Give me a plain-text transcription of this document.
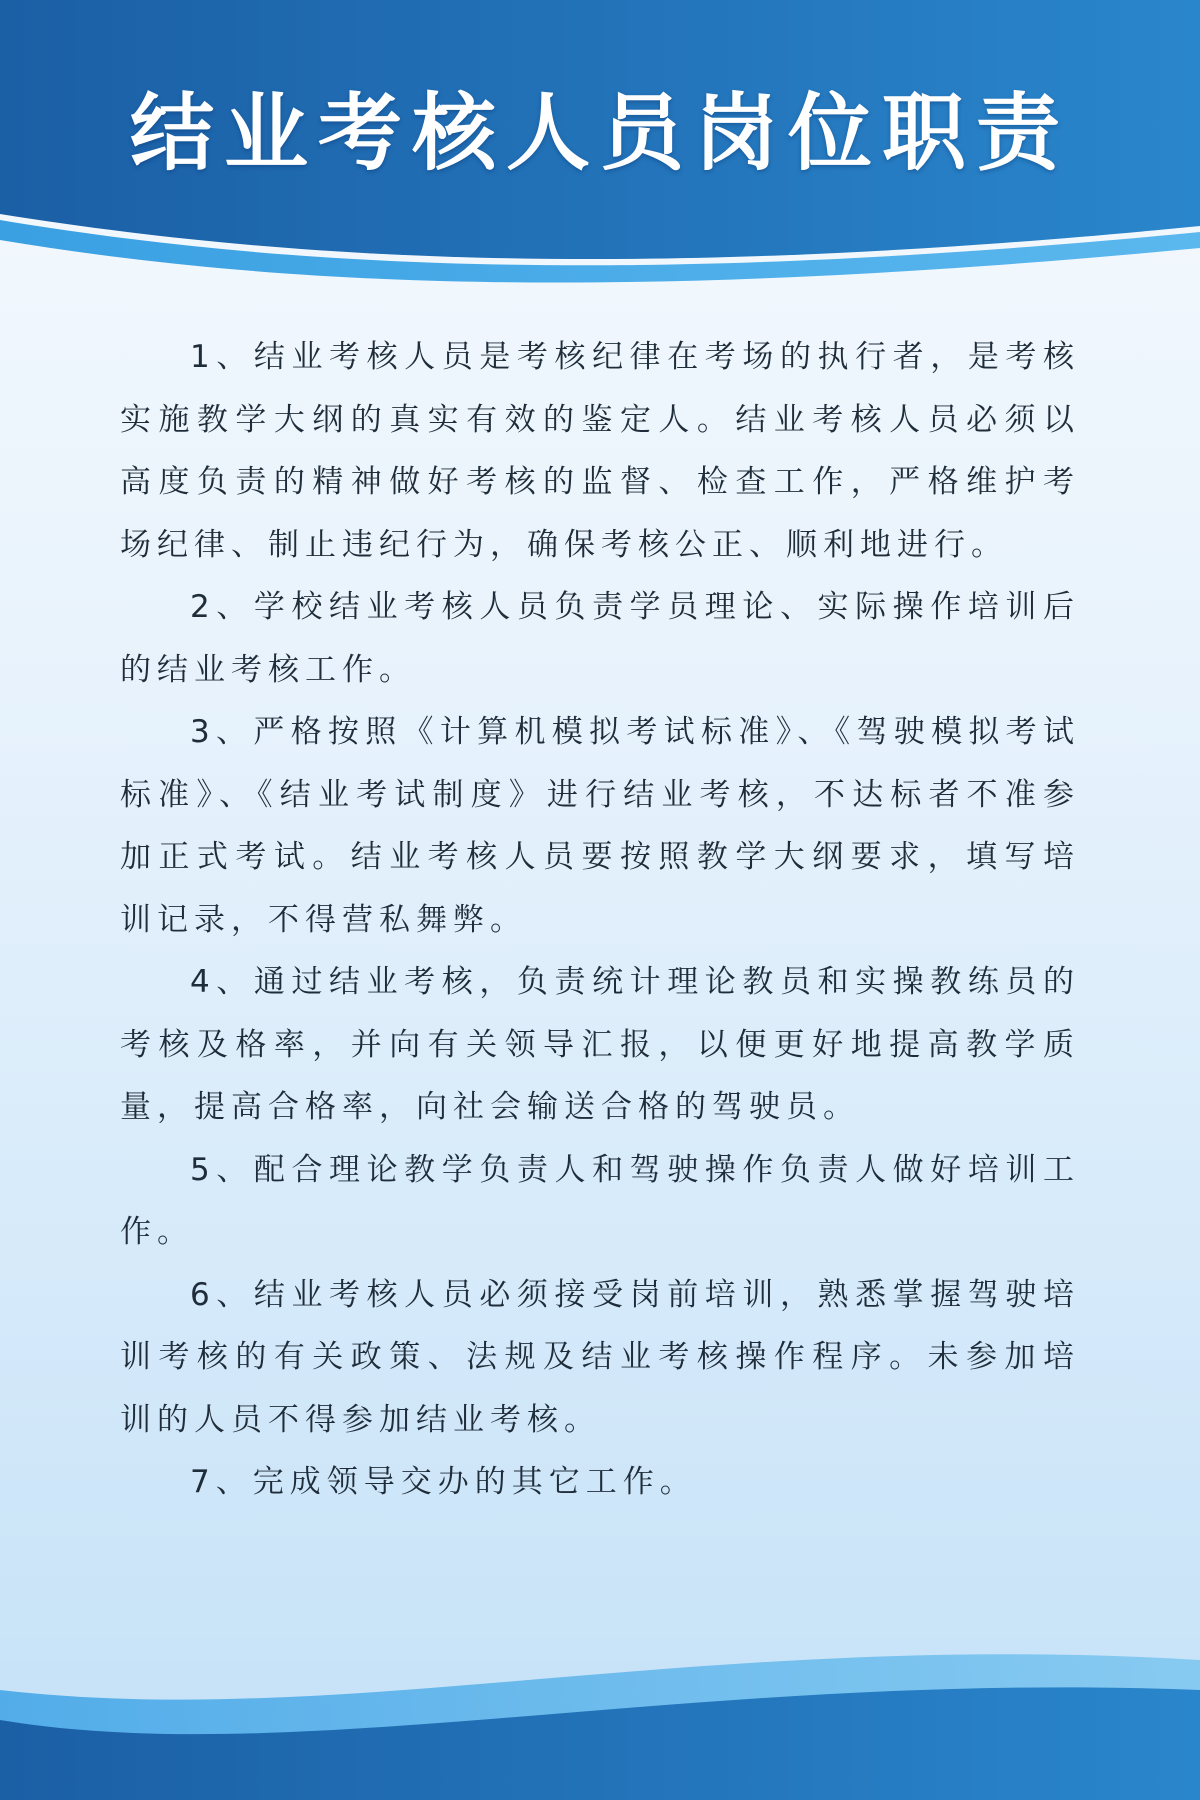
结业考核人员岗位职责

1、结业考核人员是考核纪律在考场的执行者，是考核实施教学大纲的真实有效的鉴定人。结业考核人员必须以高度负责的精神做好考核的监督、检查工作，严格维护考场纪律、制止违纪行为，确保考核公正、顺利地进行。

2、学校结业考核人员负责学员理论、实际操作培训后的结业考核工作。

3、严格按照《计算机模拟考试标准》、《驾驶模拟考试标准》、《结业考试制度》进行结业考核，不达标者不准参加正式考试。结业考核人员要按照教学大纲要求，填写培训记录，不得营私舞弊。

4、通过结业考核，负责统计理论教员和实操教练员的考核及格率，并向有关领导汇报，以便更好地提高教学质量，提高合格率，向社会输送合格的驾驶员。

5、配合理论教学负责人和驾驶操作负责人做好培训工作。

6、结业考核人员必须接受岗前培训，熟悉掌握驾驶培训考核的有关政策、法规及结业考核操作程序。未参加培训的人员不得参加结业考核。

7、完成领导交办的其它工作。
